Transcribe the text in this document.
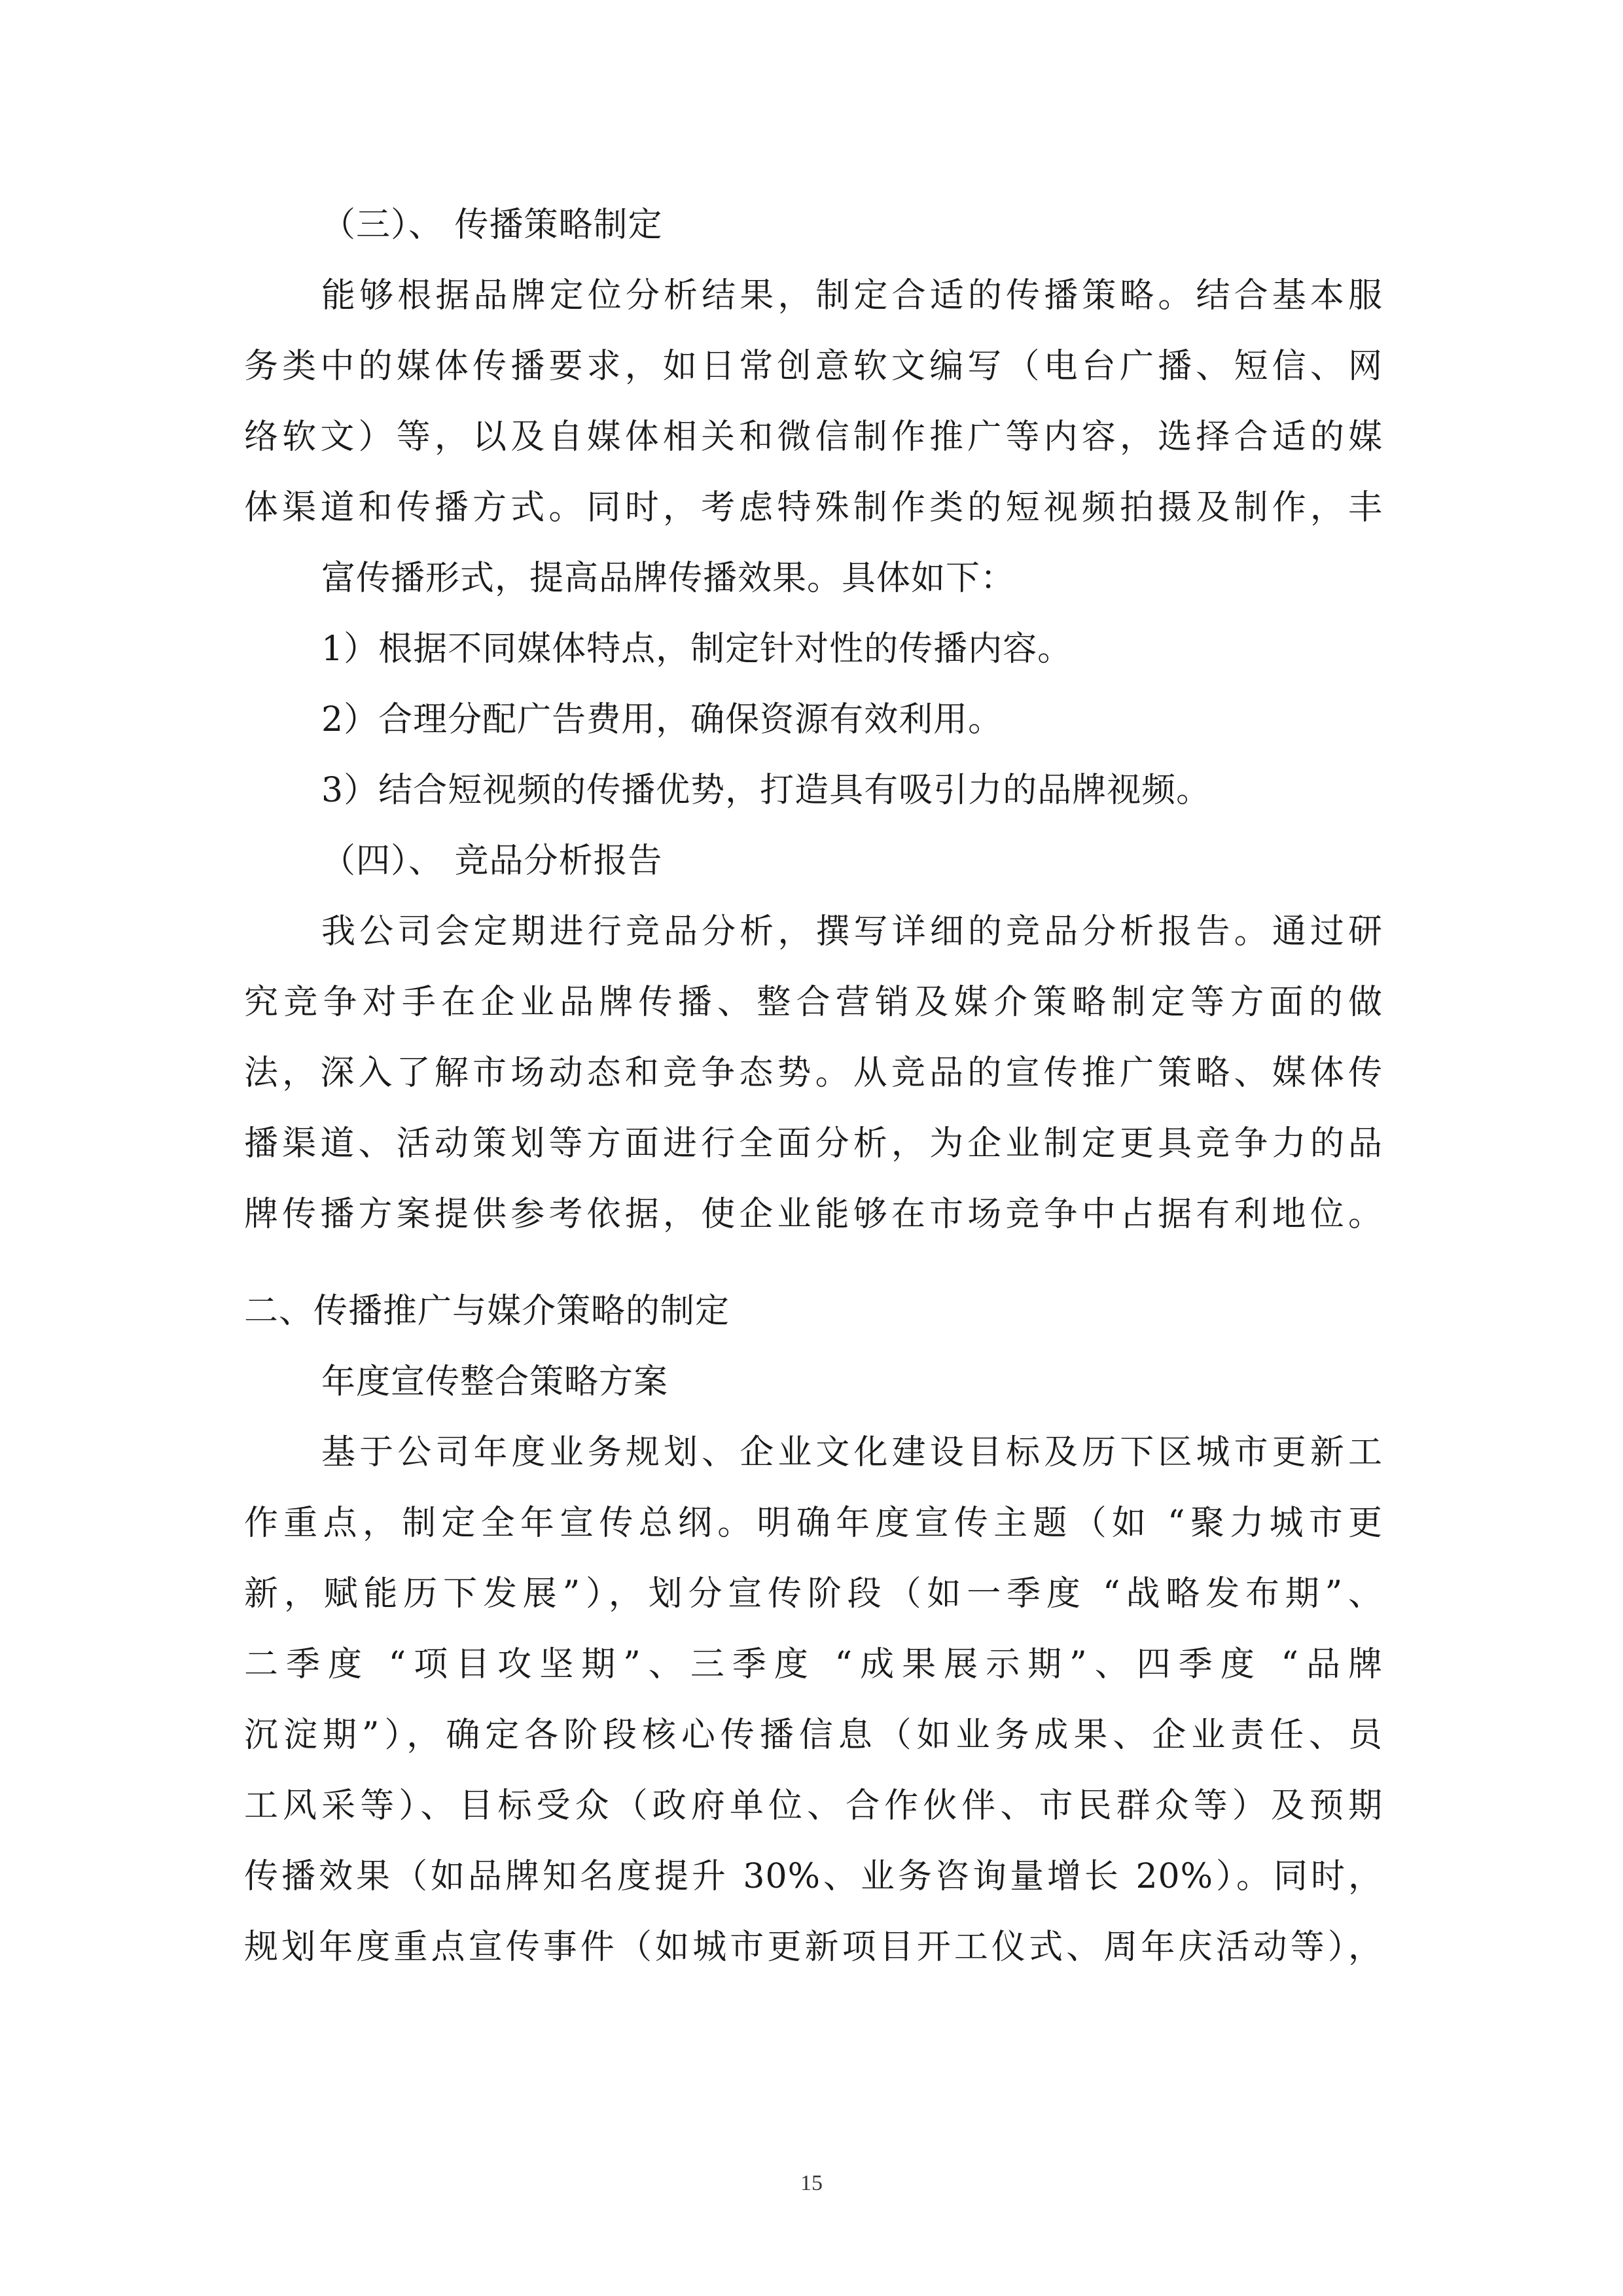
（三）、 传播策略制定
能够根据品牌定位分析结果，制定合适的传播策略。结合基本服
务类中的媒体传播要求，如日常创意软文编写（电台广播、短信、网
络软文）等，以及自媒体相关和微信制作推广等内容，选择合适的媒
体渠道和传播方式。同时，考虑特殊制作类的短视频拍摄及制作，丰
富传播形式，提高品牌传播效果。具体如下：
1）根据不同媒体特点，制定针对性的传播内容。
2）合理分配广告费用，确保资源有效利用。
3）结合短视频的传播优势，打造具有吸引力的品牌视频。
（四）、 竞品分析报告
我公司会定期进行竞品分析，撰写详细的竞品分析报告。通过研
究竞争对手在企业品牌传播、整合营销及媒介策略制定等方面的做
法，深入了解市场动态和竞争态势。从竞品的宣传推广策略、媒体传
播渠道、活动策划等方面进行全面分析，为企业制定更具竞争力的品
牌传播方案提供参考依据，使企业能够在市场竞争中占据有利地位。
二、传播推广与媒介策略的制定
年度宣传整合策略方案
基于公司年度业务规划、企业文化建设目标及历下区城市更新工
作重点，制定全年宣传总纲。明确年度宣传主题（如 “聚力城市更
新，赋能历下发展”），划分宣传阶段（如一季度 “战略发布期”、
二季度 “项目攻坚期”、三季度 “成果展示期”、四季度 “品牌
沉淀期”），确定各阶段核心传播信息（如业务成果、企业责任、员
工风采等）、目标受众（政府单位、合作伙伴、市民群众等）及预期
传播效果（如品牌知名度提升 30%、业务咨询量增长 20%）。同时，
规划年度重点宣传事件（如城市更新项目开工仪式、周年庆活动等），
15
